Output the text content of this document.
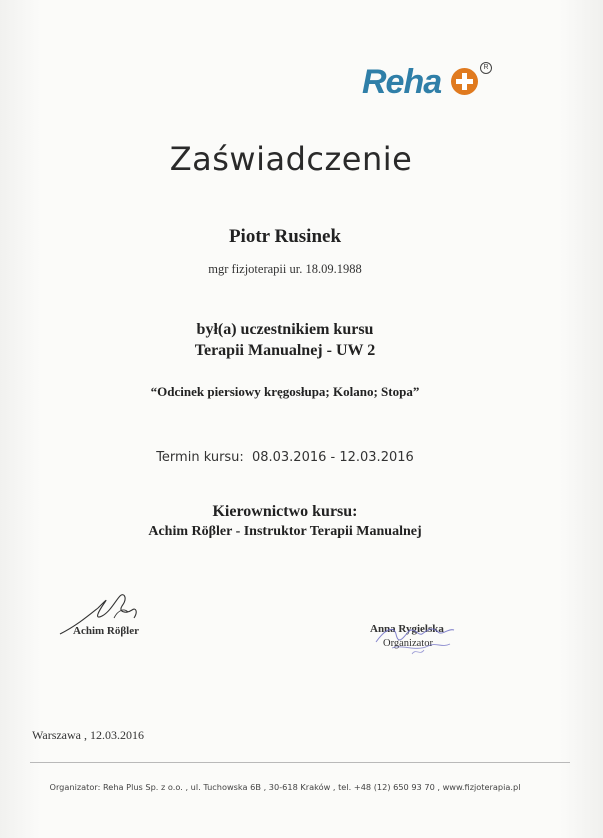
Reha	R
Zaświadczenie
Piotr Rusinek
mgr fizjoterapii ur. 18.09.1988
był(a) uczestnikiem kursu
Terapii Manualnej - UW 2
“Odcinek piersiowy kręgosłupa; Kolano; Stopa”
Termin kursu: 08.03.2016 - 12.03.2016
Kierownictwo kursu:
Achim Röβler - Instruktor Terapii Manualnej
Achim Röβler	Anna Rygielska
Organizator
Warszawa , 12.03.2016
Organizator: Reha Plus Sp. z o.o. , ul. Tuchowska 6B , 30-618 Kraków , tel. +48 (12) 650 93 70 , www.fizjoterapia.pl
